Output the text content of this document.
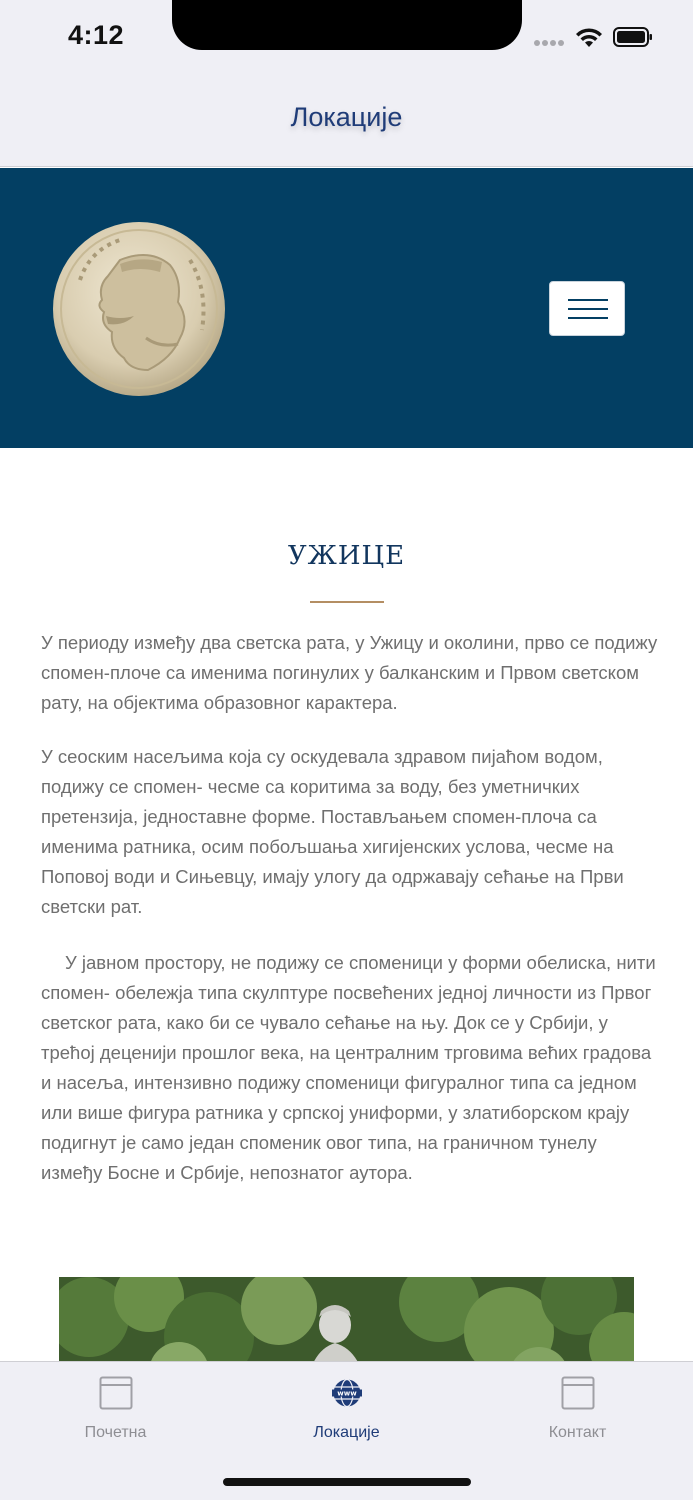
4:12
Локације
УЖИЦЕ

У периоду између два светска рата, у Ужицу и околини, прво се подижу спомен-плоче са именима погинулих у балканским и Првом светском рату, на објектима образовног карактера.

У сеоским насељима која су оскудевала здравом пијаћом водом, подижу се спомен- чесме са коритима за воду, без уметничких претензија, једноставне форме. Постављањем спомен-плоча са именима ратника, осим побољшања хигијенских услова, чесме на Поповој води и Сињевцу, имају улогу да одржавају сећање на Први светски рат.

У јавном простору, не подижу се споменици у форми обелиска, нити спомен- обележја типа скулптуре посвећених једној личности из Првог светског рата, како би се чувало сећање на њу. Док се у Србији, у трећој деценији прошлог века, на централним трговима већих градова и насеља, интензивно подижу споменици фигуралног типа са једном или више фигура ратника у српској униформи, у златиборском крају подигнут је само један споменик овог типа, на граничном тунелу између Босне и Србије, непознатог аутора.

Почетна
www
Локације	Контакт
